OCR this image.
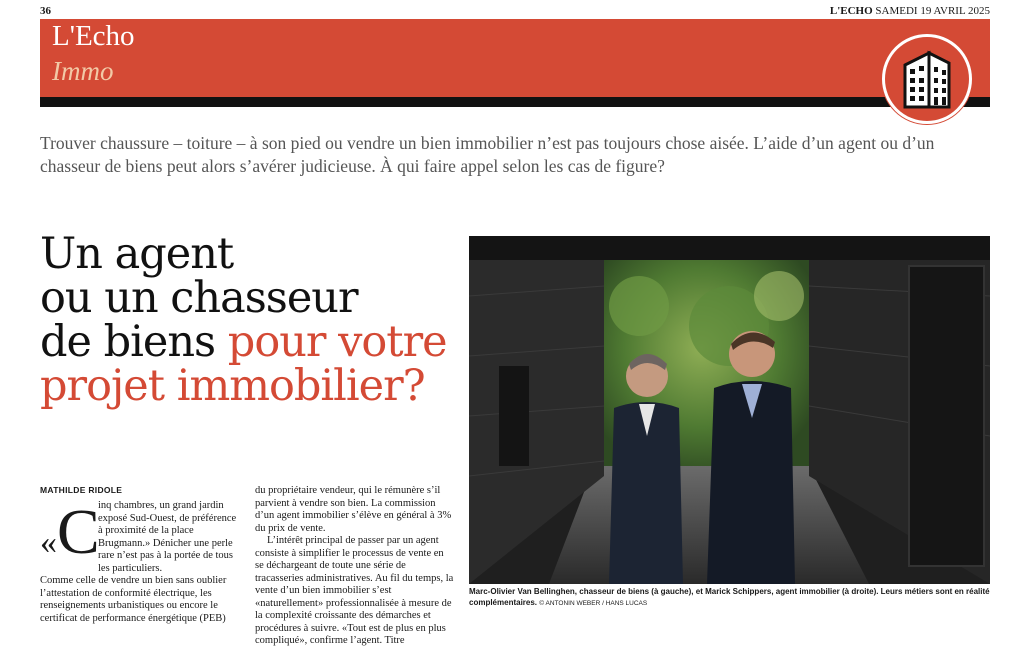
36	L'ECHO SAMEDI 19 AVRIL 2025
L'Echo
Immo
Trouver chaussure – toiture – à son pied ou vendre un bien immobilier n’est pas toujours chose aisée. L’aide d’un agent ou d’un chasseur de biens peut alors s’avérer judicieuse. À qui faire appel selon les cas de figure?
Un agent
ou un chasseur
de biens pour votre
projet immobilier?
MATHILDE RIDOLE
«C
inq chambres, un grand jardin exposé Sud-Ouest, de préférence à proximité de la place Brugmann.» Dénicher une perle rare n’est pas à la portée de tous les particuliers.
Comme celle de vendre un bien sans oublier l’attestation de conformité électrique, les renseignements urbanistiques ou encore le certificat de performance énergétique (PEB)

du propriétaire vendeur, qui le rémunère s’il parvient à vendre son bien. La commission d’un agent immobilier s’élève en général à 3% du prix de vente.

L’intérêt principal de passer par un agent consiste à simplifier le processus de vente en se déchargeant de toute une série de tracasseries administratives. Au fil du temps, la vente d’un bien immobilier s’est «naturellement» professionnalisée à mesure de la complexité croissante des démarches et procédures à suivre. «Tout est de plus en plus compliqué», confirme l’agent. Titre

Marc-Olivier Van Bellinghen, chasseur de biens (à gauche), et Marick Schippers, agent immobilier (à droite). Leurs métiers sont en réalité complémentaires. © ANTONIN WEBER / HANS LUCAS
